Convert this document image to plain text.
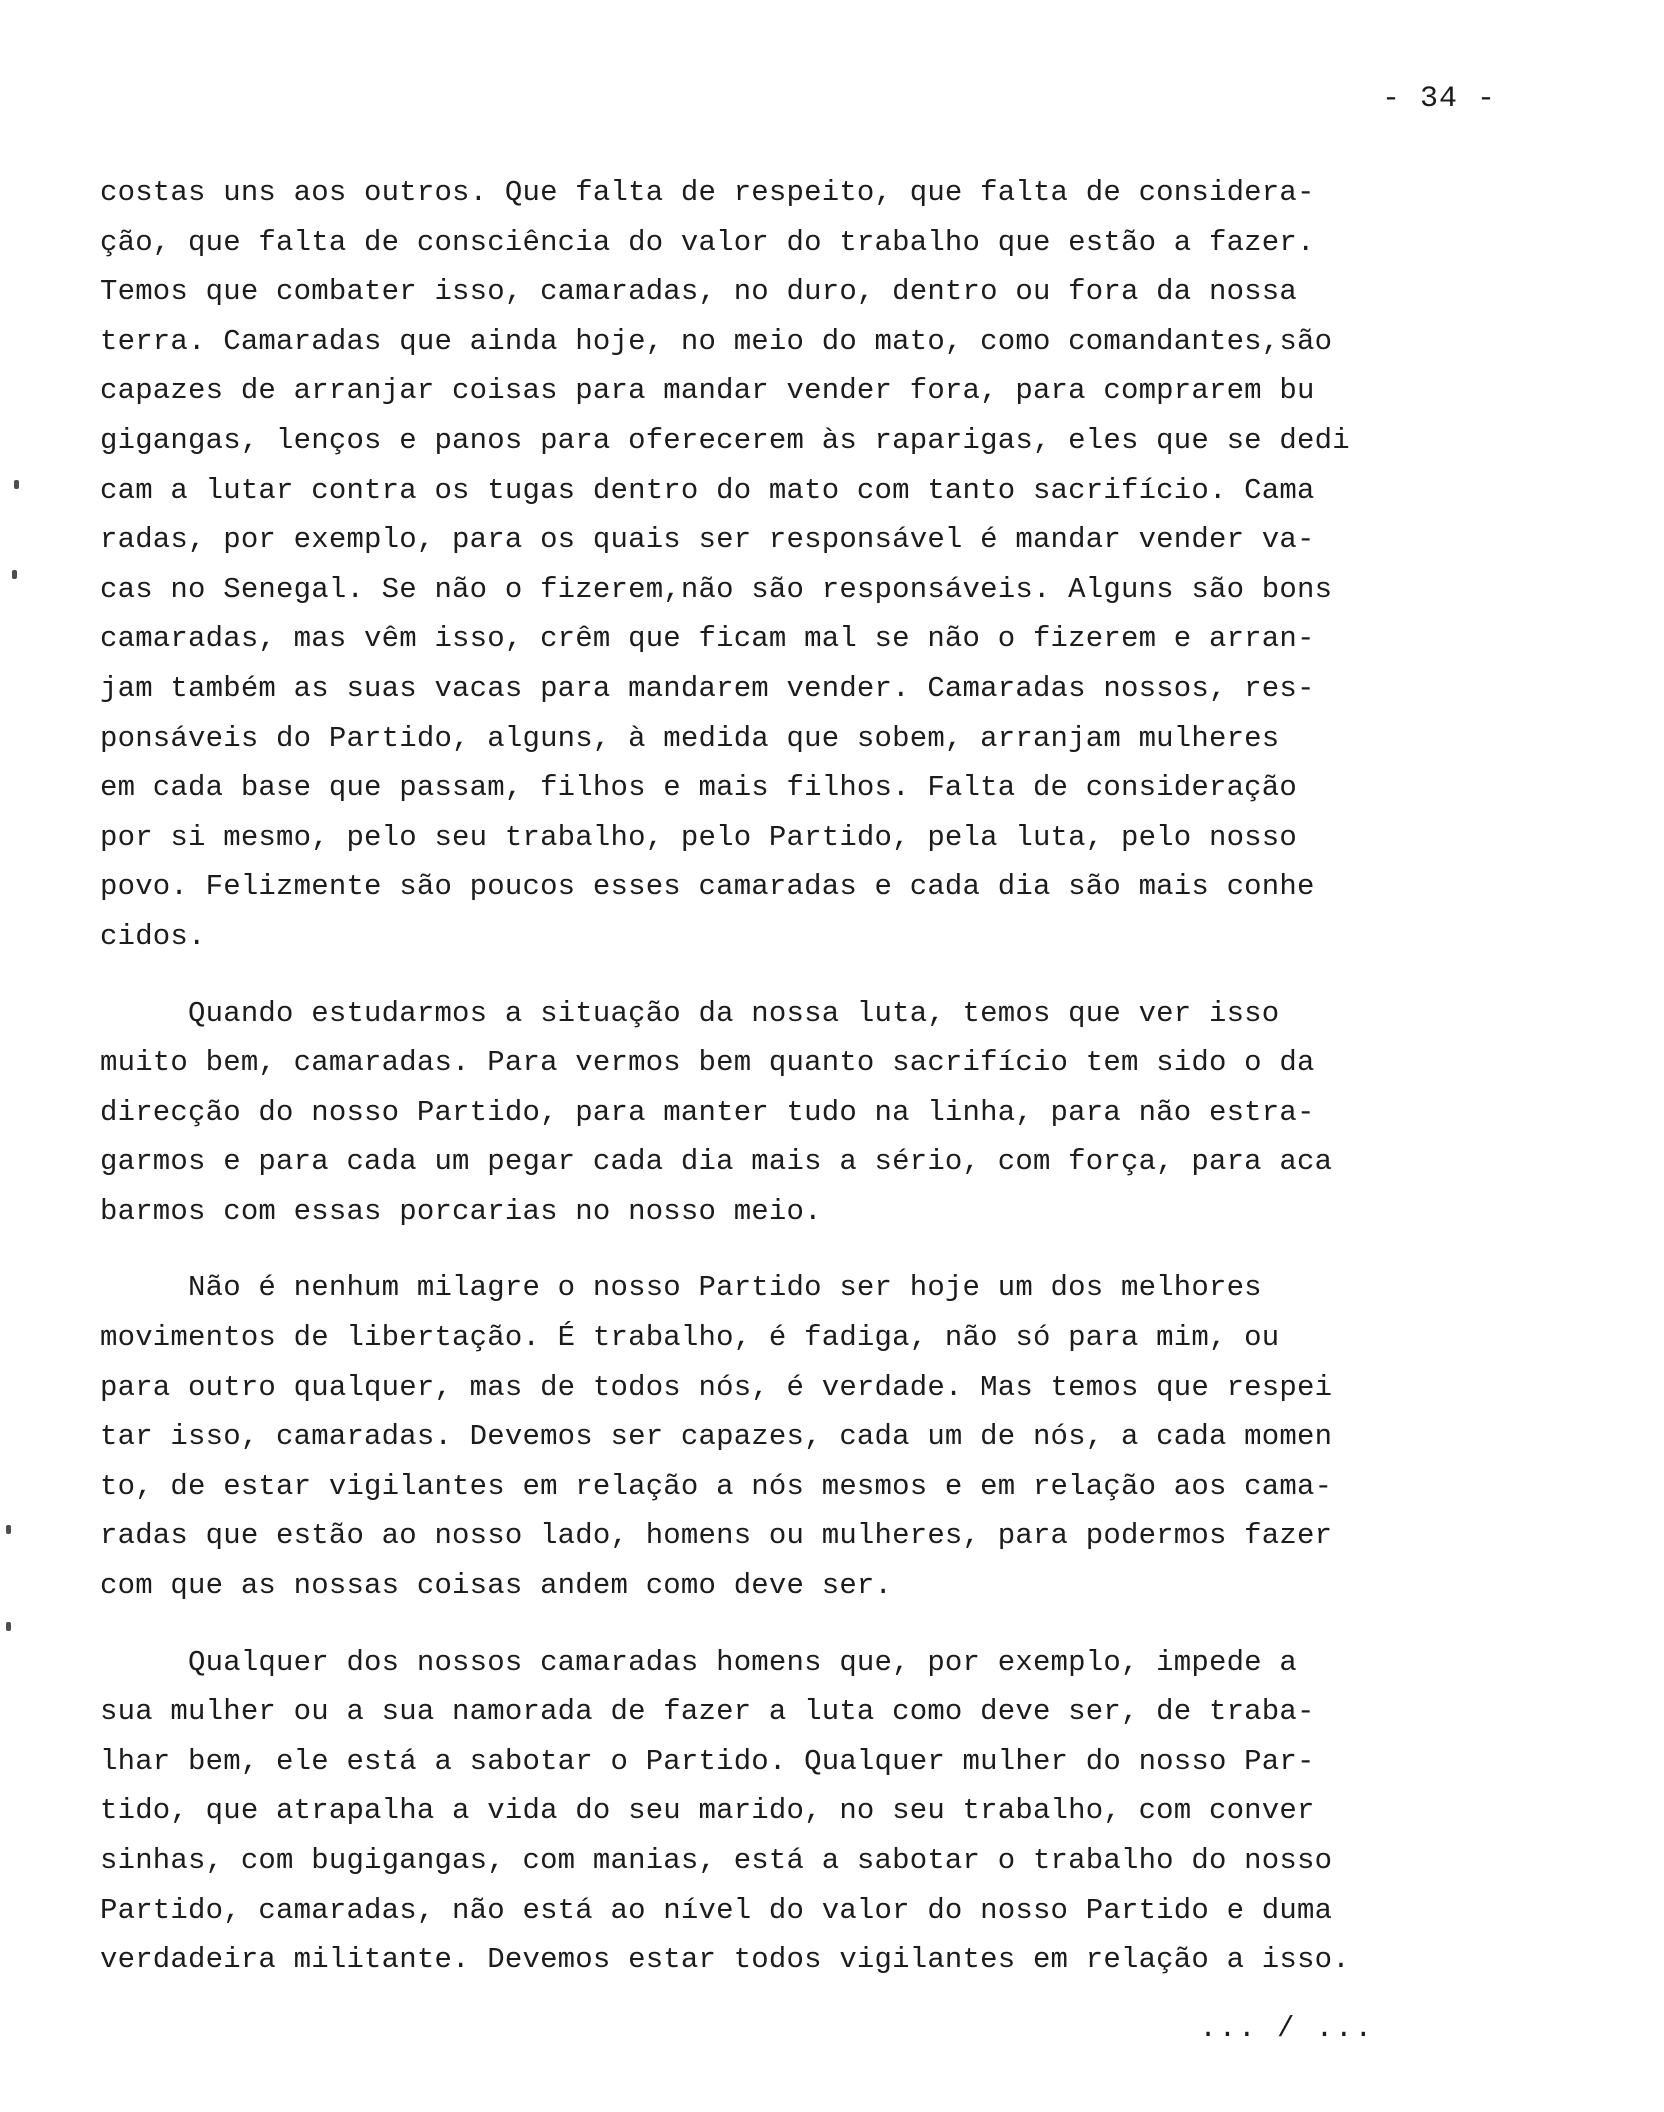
- 34 -
costas uns aos outros. Que falta de respeito, que falta de considera-
ção, que falta de consciência do valor do trabalho que estão a fazer.
Temos que combater isso, camaradas, no duro, dentro ou fora da nossa
terra. Camaradas que ainda hoje, no meio do mato, como comandantes,são
capazes de arranjar coisas para mandar vender fora, para comprarem bu
gigangas, lenços e panos para oferecerem às raparigas, eles que se dedi
cam a lutar contra os tugas dentro do mato com tanto sacrifício. Cama
radas, por exemplo, para os quais ser responsável é mandar vender va-
cas no Senegal. Se não o fizerem,não são responsáveis. Alguns são bons
camaradas, mas vêm isso, crêm que ficam mal se não o fizerem e arran-
jam também as suas vacas para mandarem vender. Camaradas nossos, res-
ponsáveis do Partido, alguns, à medida que sobem, arranjam mulheres
em cada base que passam, filhos e mais filhos. Falta de consideração
por si mesmo, pelo seu trabalho, pelo Partido, pela luta, pelo nosso
povo. Felizmente são poucos esses camaradas e cada dia são mais conhe
cidos.
Quando estudarmos a situação da nossa luta, temos que ver isso
muito bem, camaradas. Para vermos bem quanto sacrifício tem sido o da
direcção do nosso Partido, para manter tudo na linha, para não estra-
garmos e para cada um pegar cada dia mais a sério, com força, para aca
barmos com essas porcarias no nosso meio.
Não é nenhum milagre o nosso Partido ser hoje um dos melhores
movimentos de libertação. É trabalho, é fadiga, não só para mim, ou
para outro qualquer, mas de todos nós, é verdade. Mas temos que respei
tar isso, camaradas. Devemos ser capazes, cada um de nós, a cada momen
to, de estar vigilantes em relação a nós mesmos e em relação aos cama-
radas que estão ao nosso lado, homens ou mulheres, para podermos fazer
com que as nossas coisas andem como deve ser.
Qualquer dos nossos camaradas homens que, por exemplo, impede a
sua mulher ou a sua namorada de fazer a luta como deve ser, de traba-
lhar bem, ele está a sabotar o Partido. Qualquer mulher do nosso Par-
tido, que atrapalha a vida do seu marido, no seu trabalho, com conver
sinhas, com bugigangas, com manias, está a sabotar o trabalho do nosso
Partido, camaradas, não está ao nível do valor do nosso Partido e duma
verdadeira militante. Devemos estar todos vigilantes em relação a isso.
... / ...
